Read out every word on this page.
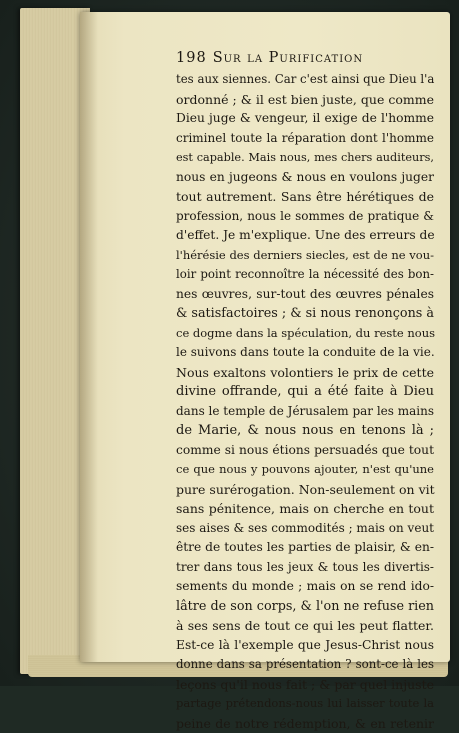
198 Sur la Purification
tes aux siennes. Car c'est ainsi que Dieu l'a
ordonné ; & il est bien juste, que comme
Dieu juge & vengeur, il exige de l'homme
criminel toute la réparation dont l'homme
est capable. Mais nous, mes chers auditeurs,
nous en jugeons & nous en voulons juger
tout autrement. Sans être hérétiques de
profession, nous le sommes de pratique &
d'effet. Je m'explique. Une des erreurs de
l'hérésie des derniers siecles, est de ne vou-
loir point reconnoître la nécessité des bon-
nes œuvres, sur-tout des œuvres pénales
& satisfactoires ; & si nous renonçons à
ce dogme dans la spéculation, du reste nous
le suivons dans toute la conduite de la vie.
Nous exaltons volontiers le prix de cette
divine offrande, qui a été faite à Dieu
dans le temple de Jérusalem par les mains
de Marie, & nous nous en tenons là ;
comme si nous étions persuadés que tout
ce que nous y pouvons ajouter, n'est qu'une
pure surérogation. Non-seulement on vit
sans pénitence, mais on cherche en tout
ses aises & ses commodités ; mais on veut
être de toutes les parties de plaisir, & en-
trer dans tous les jeux & tous les divertis-
sements du monde ; mais on se rend ido-
lâtre de son corps, & l'on ne refuse rien
à ses sens de tout ce qui les peut flatter.
Est-ce là l'exemple que Jesus-Christ nous
donne dans sa présentation ? sont-ce là les
leçons qu'il nous fait ; & par quel injuste
partage prétendons-nous lui laisser toute la
peine de notre rédemption, & en retenir
